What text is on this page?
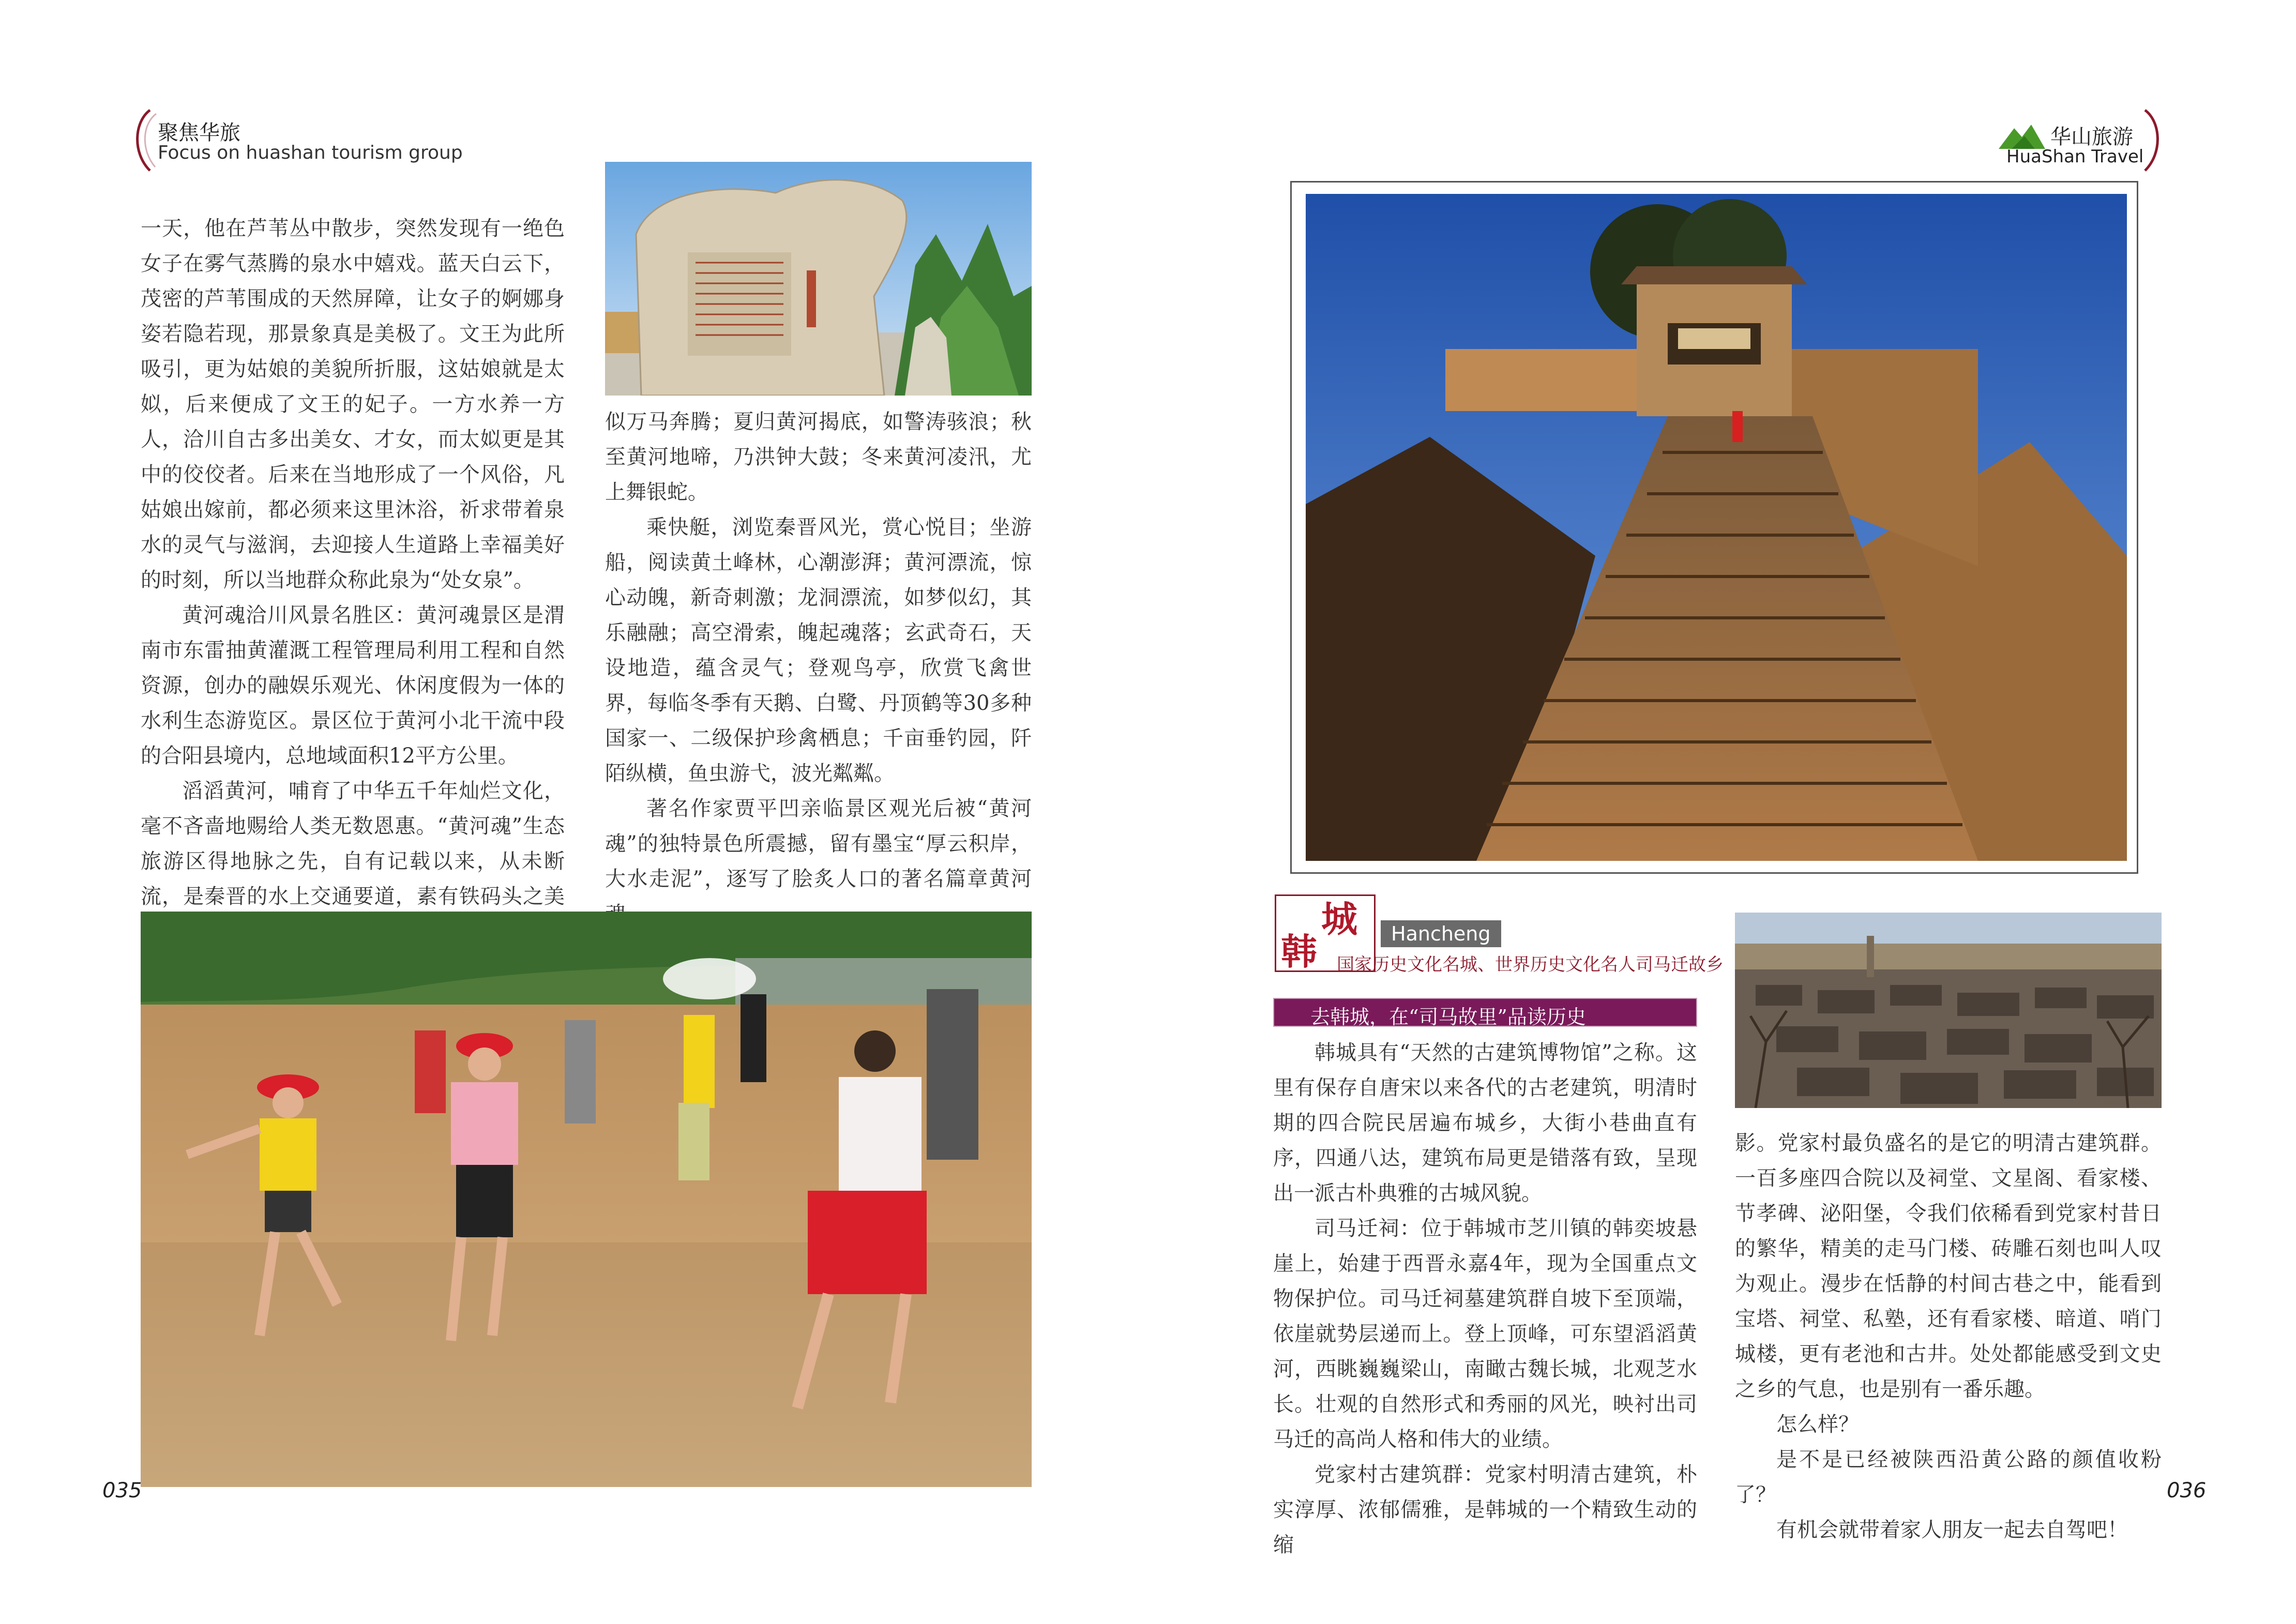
聚焦华旅
Focus on huashan tourism group

一天，他在芦苇丛中散步，突然发现有一绝色女子在雾气蒸腾的泉水中嬉戏。蓝天白云下，茂密的芦苇围成的天然屏障，让女子的婀娜身姿若隐若现，那景象真是美极了。文王为此所吸引，更为姑娘的美貌所折服，这姑娘就是太姒，后来便成了文王的妃子。一方水养一方人，洽川自古多出美女、才女，而太姒更是其中的佼佼者。后来在当地形成了一个风俗，凡姑娘出嫁前，都必须来这里沐浴，祈求带着泉水的灵气与滋润，去迎接人生道路上幸福美好的时刻，所以当地群众称此泉为“处女泉”。

黄河魂洽川风景名胜区：黄河魂景区是渭南市东雷抽黄灌溉工程管理局利用工程和自然资源，创办的融娱乐观光、休闲度假为一体的水利生态游览区。景区位于黄河小北干流中段的合阳县境内，总地域面积12平方公里。

滔滔黄河，哺育了中华五千年灿烂文化，毫不吝啬地赐给人类无数恩惠。“黄河魂”生态旅游区得地脉之先，自有记载以来，从未断流，是秦晋的水上交通要道，素有铁码头之美

似万马奔腾；夏归黄河揭底，如警涛骇浪；秋至黄河地啼，乃洪钟大鼓；冬来黄河凌汛，尤上舞银蛇。

乘快艇，浏览秦晋风光，赏心悦目；坐游船，阅读黄土峰林，心潮澎湃；黄河漂流，惊心动魄，新奇刺激；龙洞漂流，如梦似幻，其乐融融；高空滑索，魄起魂落；玄武奇石，天设地造，蕴含灵气；登观鸟亭，欣赏飞禽世界，每临冬季有天鹅、白鹭、丹顶鹤等30多种国家一、二级保护珍禽栖息；千亩垂钓园，阡陌纵横，鱼虫游弋，波光粼粼。

著名作家贾平凹亲临景区观光后被“黄河魂”的独特景色所震撼，留有墨宝“厚云积岸，大水走泥”，逐写了脍炙人口的著名篇章黄河

035
华山旅游
HuaShan Travel
韩
城	Hancheng
国家历史文化名城、世界历史文化名人司马迁故乡
去韩城，在“司马故里”品读历史

韩城具有“天然的古建筑博物馆”之称。这里有保存自唐宋以来各代的古老建筑，明清时期的四合院民居遍布城乡，大街小巷曲直有序，四通八达，建筑布局更是错落有致，呈现出一派古朴典雅的古城风貌。

司马迁祠：位于韩城市芝川镇的韩奕坡悬崖上，始建于西晋永嘉4年，现为全国重点文物保护位。司马迁祠墓建筑群自坡下至顶端，依崖就势层递而上。登上顶峰，可东望滔滔黄河，西眺巍巍梁山，南瞰古魏长城，北观芝水长。壮观的自然形式和秀丽的风光，映衬出司马迁的高尚人格和伟大的业绩。

党家村古建筑群：党家村明清古建筑，朴实淳厚、浓郁儒雅，是韩城的一个精致生动的缩

影。党家村最负盛名的是它的明清古建筑群。一百多座四合院以及祠堂、文星阁、看家楼、节孝碑、泌阳堡，令我们依稀看到党家村昔日的繁华，精美的走马门楼、砖雕石刻也叫人叹为观止。漫步在恬静的村间古巷之中，能看到宝塔、祠堂、私塾，还有看家楼、暗道、哨门城楼，更有老池和古井。处处都能感受到文史之乡的气息，也是别有一番乐趣。

怎么样？

是不是已经被陕西沿黄公路的颜值收粉了？

有机会就带着家人朋友一起去自驾吧！

036
